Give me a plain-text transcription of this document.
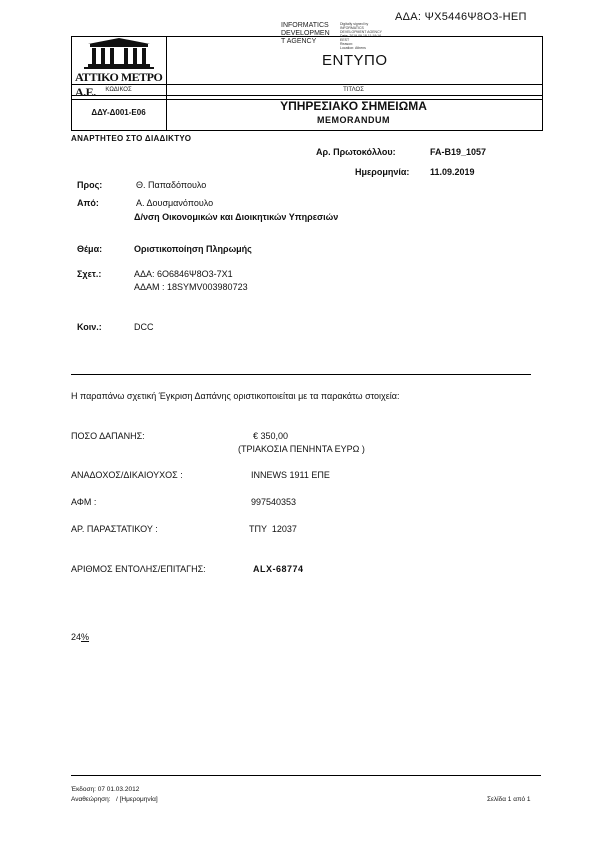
ΑΔΑ: ΨΧ5446Ψ8Ο3-ΗΕΠ
INFORMATICS
DEVELOPMEN
T AGENCY
Digitally signed by
INFORMATICS
DEVELOPMENT AGENCY
Date: 2019.09.18 11:19:16
EEST
Reason:
Location: Athens
ΑΤΤΙΚΟ ΜΕΤΡΟ Α.Ε.
ΕΝΤΥΠΟ
ΚΩΔΙΚΟΣ	ΤΙΤΛΟΣ
ΔΔΥ-Δ001-Ε06	ΥΠΗΡΕΣΙΑΚΟ ΣΗΜΕΙΩΜΑ
MEMORANDUM
ΑΝΑΡΤΗΤΕΟ ΣΤΟ ΔΙΑΔΙΚΤΥΟ
Αρ. Πρωτοκόλλου:	FA-B19_1057
Ημερομηνία: 11.09.2019
Προς:	Θ. Παπαδόπουλο
Από:	Α. Δουσμανόπουλο
Δ/νση Οικονομικών και Διοικητικών Υπηρεσιών
Θέμα:	Οριστικοποίηση Πληρωμής
Σχετ.:	ΑΔΑ: 6Ο6846Ψ8Ο3-7Χ1
ΑΔΑΜ : 18SYMV003980723
Κοιν.:	DCC
Η παραπάνω σχετική Έγκριση Δαπάνης οριστικοποιείται με τα παρακάτω στοιχεία:
ΠΟΣΟ ΔΑΠΑΝΗΣ:	€ 350,00
(ΤΡΙΑΚΟΣΙΑ ΠΕΝΗΝΤΑ ΕΥΡΩ )
ΑΝΑΔΟΧΟΣ/ΔΙΚΑΙΟΥΧΟΣ :	INNEWS 1911 ΕΠΕ
ΑΦΜ :	997540353
ΑΡ. ΠΑΡΑΣΤΑΤΙΚΟΥ :	ΤΠΥ  12037
ΑΡΙΘΜΟΣ ΕΝΤΟΛΗΣ/ΕΠΙΤΑΓΗΣ:	ALX-68774
24%
Έκδοση: 07 01.03.2012
Αναθεώρηση:   / [Ημερομηνία]	Σελίδα 1 από 1
